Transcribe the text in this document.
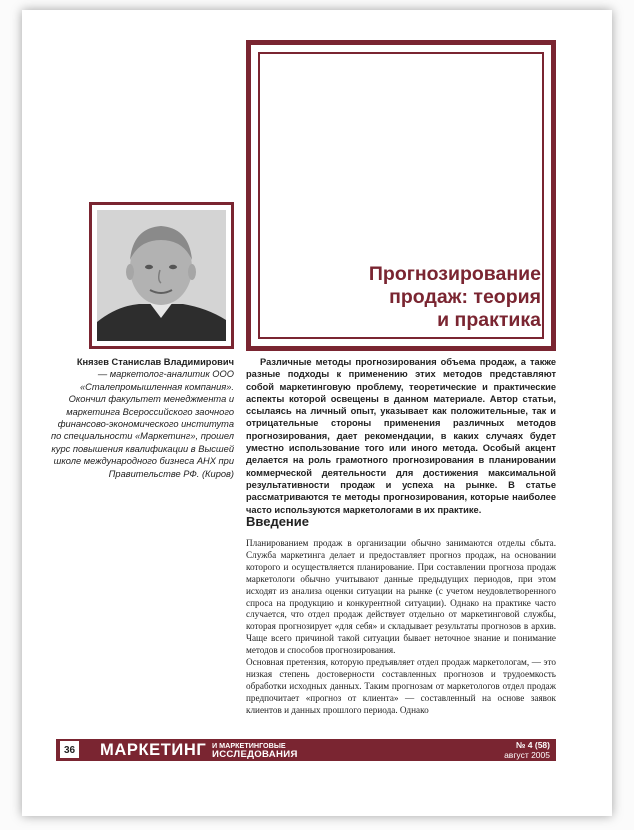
Прогнозирование
продаж: теория
и практика
Князев Станислав Владимирович
— маркетолог-аналитик ООО «Сталепромышленная компания». Окончил факультет менеджмента и маркетинга Всероссийского заочного финансово-экономического института по специальности «Маркетинг», прошел курс повышения квалификации в Высшей школе международного бизнеса АНХ при Правительстве РФ. (Киров)
Различные методы прогнозирования объема продаж, а также разные подходы к применению этих методов представляют собой маркетинговую проблему, теоретические и практические аспекты которой освещены в данном материале. Автор статьи, ссылаясь на личный опыт, указывает как положительные, так и отрицательные стороны применения различных методов прогнозирования, дает рекомендации, в каких случаях будет уместно использование того или иного метода. Особый акцент делается на роль грамотного прогнозирования в планировании коммерческой деятельности для достижения максимальной результативности продаж и успеха на рынке. В статье рассматриваются те методы прогнозирования, которые наиболее часто используются маркетологами в их практике.
Введение

Планированием продаж в организации обычно занимаются отделы сбыта. Служба маркетинга делает и предоставляет прогноз продаж, на основании которого и осуществляется планирование. При составлении прогноза продаж маркетологи обычно учитывают данные предыдущих периодов, при этом исходят из анализа оценки ситуации на рынке (с учетом неудовлетворенного спроса на продукцию и конкурентной ситуации). Однако на практике часто случается, что отдел продаж действует отдельно от маркетинговой службы, которая прогнозирует «для себя» и складывает результаты прогнозов в архив. Чаще всего причиной такой ситуации бывает неточное знание и понимание методов и способов прогнозирования.

Основная претензия, которую предъявляет отдел продаж маркетологам, — это низкая степень достоверности составленных прогнозов и трудоемкость обработки исходных данных. Таким прогнозам от маркетологов отдел продаж предпочитает «прогноз от клиента» — составленный на основе заявок клиентов и данных прошлого периода. Однако

36 МАРКЕТИНГ И МАРКЕТИНГОВЫЕ
ИССЛЕДОВАНИЯ
№ 4 (58)
август 2005
